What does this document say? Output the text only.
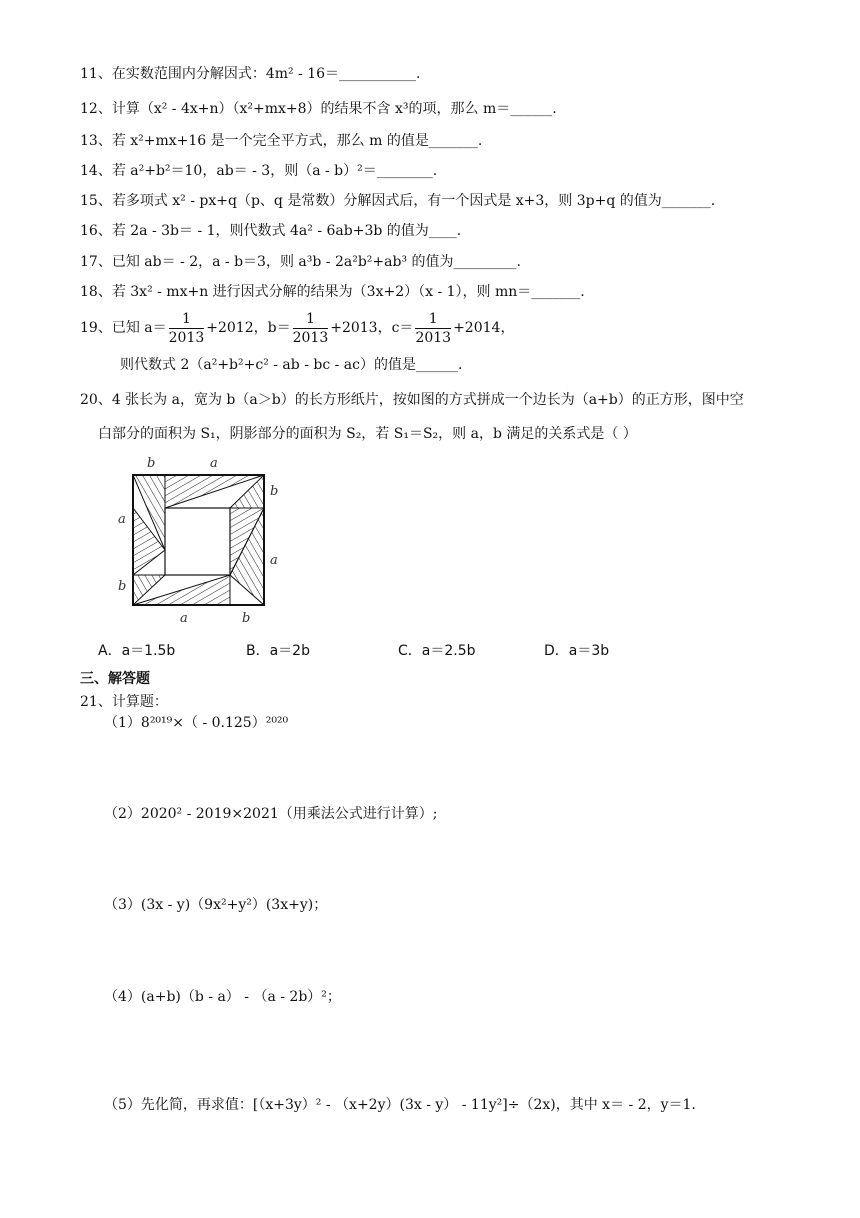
11、在实数范围内分解因式：4m² - 16＝___________.
12、计算（x² - 4x+n）（x²+mx+8）的结果不含 x³的项，那么 m＝______.
13、若 x²+mx+16 是一个完全平方式，那么 m 的值是_______.
14、若 a²+b²＝10，ab＝ - 3，则（a - b）²＝________.
15、若多项式 x² - px+q（p、q 是常数）分解因式后，有一个因式是 x+3，则 3p+q 的值为_______.
16、若 2a - 3b＝ - 1，则代数式 4a² - 6ab+3b 的值为____.
17、已知 ab＝ - 2，a - b＝3，则 a³b - 2a²b²+ab³ 的值为_________.
18、若 3x² - mx+n 进行因式分解的结果为（3x+2）（x - 1），则 mn＝_______.
19、已知 $a= \frac{1}{2013} +2012$，$b= \frac{1}{2013} +2013$，$c= \frac{1}{2013} +2014$，
则代数式 2（a²+b²+c² - ab - bc - ac）的值是______.
20、4 张长为 a，宽为 b（a＞b）的长方形纸片，按如图的方式拼成一个边长为（a+b）的正方形，图中空
白部分的面积为 S₁，阴影部分的面积为 S₂，若 S₁＝S₂，则 a，b 满足的关系式是（ ）
b	a
b
a
a
b
a	b
A．a＝1.5b	B．a＝2b	C．a＝2.5b	D．a＝3b
三、解答题
21、计算题：
（1）8²⁰¹⁹×（ - 0.125）²⁰²⁰
（2）2020² - 2019×2021（用乘法公式进行计算）;
（3）(3x - y)（9x²+y²）(3x+y)；
（4）(a+b)（b - a） - （a - 2b）²；
（5）先化简，再求值：[（x+3y）² - （x+2y）(3x - y） - 11y²]÷（2x)，其中 x＝ - 2，y＝1.
